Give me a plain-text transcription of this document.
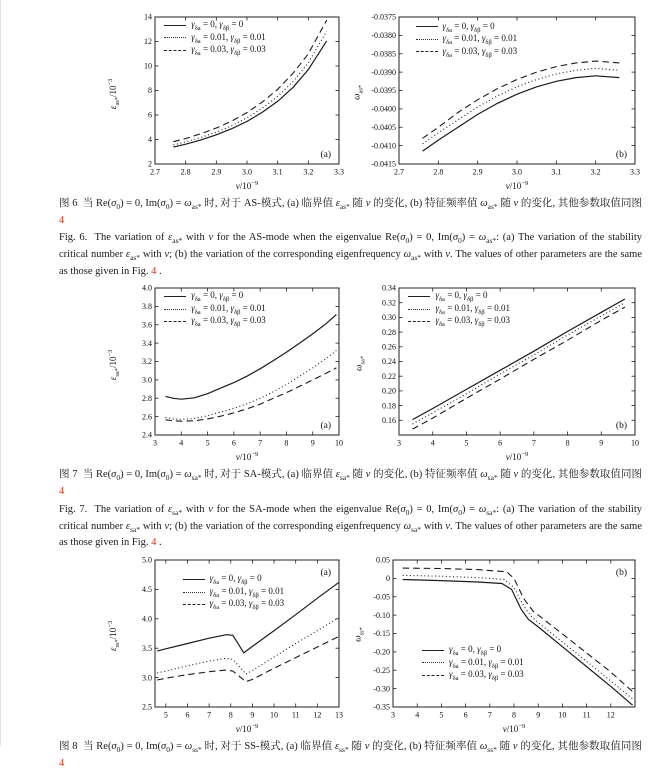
2.7	2.8	2.9	3.0	3.1	3.2	3.3
2
4
6
8
10
12
14
(a)
$\varepsilon_{as*}/10^{-3}$
$v/10^{-9}$
$\gamma_{\delta a} = 0$, $\gamma_{\delta\beta} = 0$
$\gamma_{\delta a} = 0.01$, $\gamma_{\delta\beta} = 0.01$
$\gamma_{\delta a} = 0.03$, $\gamma_{\delta\beta} = 0.03$
2.7	2.8	2.9	3.0	3.1	3.2	3.3
-0.0375
-0.0380
-0.0385
-0.0390
-0.0395
-0.0400
-0.0405
-0.0410
-0.0415
(b)
$\omega_{as*}$
$v/10^{-9}$
$\gamma_{\delta a} = 0$, $\gamma_{\delta\beta} = 0$
$\gamma_{\delta a} = 0.01$, $\gamma_{\delta\beta} = 0.01$
$\gamma_{\delta a} = 0.03$, $\gamma_{\delta\beta} = 0.03$

图 6  当 $Re(\sigma_0) = 0$, $Im(\sigma_0) = \omega_{as*}$ 时, 对于 AS-模式, (a) 临界值 $\varepsilon_{as*}$ 随 v 的变化, (b) 特征频率值 $\omega_{as*}$ 随 v 的变化, 其他参数取值同图4

Fig. 6.  The variation of $\varepsilon_{as*}$ with v for the AS-mode when the eigenvalue $Re(\sigma_0) = 0$, $Im(\sigma_0) = \omega_{as*}$: (a) The variation of the stability critical number $\varepsilon_{as*}$ with v; (b) the variation of the corresponding eigenfrequency $\omega_{as*}$ with v. The values of other parameters are the same as those given in Fig. 4 .

3	4	5	6	7	8	9	10
2.4
2.6
2.8
3.0
3.2
3.4
3.6
3.8
4.0
(a)
$\varepsilon_{sa*}/10^{-3}$
$v/10^{-9}$
$\gamma_{\delta a} = 0$, $\gamma_{\delta\beta} = 0$
$\gamma_{\delta a} = 0.01$, $\gamma_{\delta\beta} = 0.01$
$\gamma_{\delta a} = 0.03$, $\gamma_{\delta\beta} = 0.03$
3	4	5	6	7	8	9	10
0.16
0.18
0.20
0.22
0.24
0.26
0.28
0.30
0.32
0.34
(b)
$\omega_{sa*}$
$v/10^{-9}$
$\gamma_{\delta a} = 0$, $\gamma_{\delta\beta} = 0$
$\gamma_{\delta a} = 0.01$, $\gamma_{\delta\beta} = 0.01$
$\gamma_{\delta a} = 0.03$, $\gamma_{\delta\beta} = 0.03$

图 7  当 $Re(\sigma_0) = 0$, $Im(\sigma_0) = \omega_{sa*}$ 时, 对于 SA-模式, (a) 临界值 $\varepsilon_{sa*}$ 随 v 的变化, (b) 特征频率值 $\omega_{sa*}$ 随 v 的变化, 其他参数取值同图4

Fig. 7.  The variation of $\varepsilon_{sa*}$ with v for the SA-mode when the eigenvalue $Re(\sigma_0) = 0$, $Im(\sigma_0) = \omega_{sa*}$: (a) The variation of the stability critical number $\varepsilon_{sa*}$ with v; (b) the variation of the corresponding eigenfrequency $\omega_{sa*}$ with v. The values of other parameters are the same as those given in Fig. 4 .

5 6 7 8 9 10 11 12 13
2.5
3.0
3.5
4.0
4.5
5.0
(a)
$\varepsilon_{ss*}/10^{-3}$
$v/10^{-9}$
$\gamma_{\delta a} = 0$, $\gamma_{\delta\beta} = 0$
$\gamma_{\delta a} = 0.01$, $\gamma_{\delta\beta} = 0.01$
$\gamma_{\delta a} = 0.03$, $\gamma_{\delta\beta} = 0.03$
3	4	5	6	7	8	9 10 11 12
0.05
0
-0.05
-0.10
-0.15
-0.20
-0.25
-0.30
-0.35
(b)
$\omega_{ss*}$
$v/10^{-9}$
$\gamma_{\delta a} = 0$, $\gamma_{\delta\beta} = 0$
$\gamma_{\delta a} = 0.01$, $\gamma_{\delta\beta} = 0.01$
$\gamma_{\delta a} = 0.03$, $\gamma_{\delta\beta} = 0.03$

图 8  当 $Re(\sigma_0) = 0$, $Im(\sigma_0) = \omega_{ss*}$ 时, 对于 SS-模式, (a) 临界值 $\varepsilon_{ss*}$ 随 v 的变化, (b) 特征频率值 $\omega_{ss*}$ 随 v 的变化, 其他参数取值同图4
